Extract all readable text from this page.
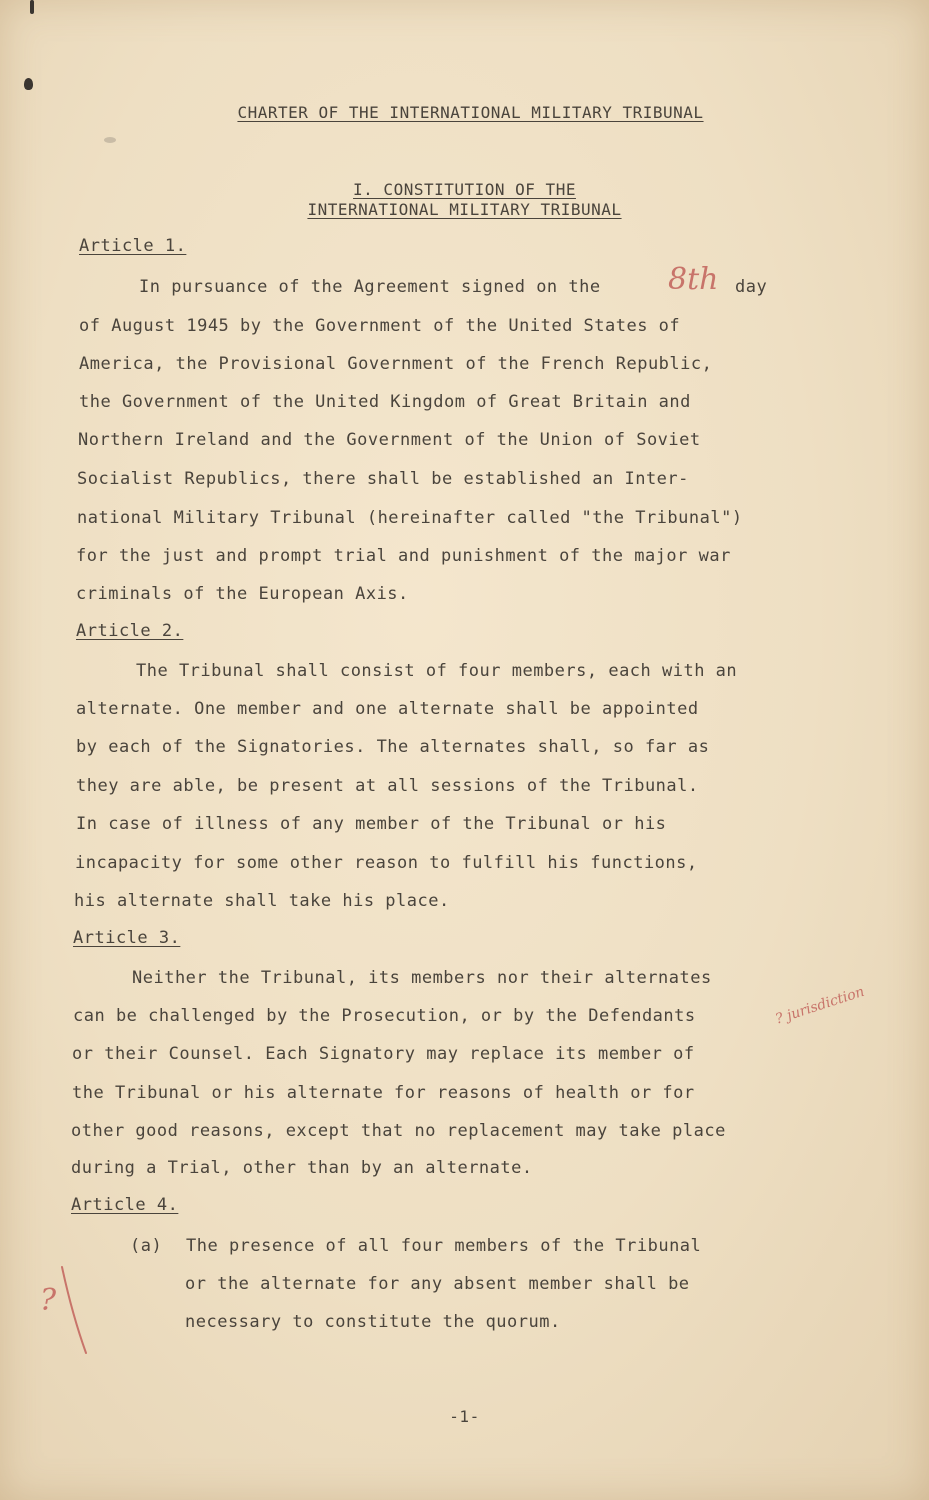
CHARTER OF THE INTERNATIONAL MILITARY TRIBUNAL
I. CONSTITUTION OF THE
INTERNATIONAL MILITARY TRIBUNAL
Article 1.
In pursuance of the Agreement signed on the 8th day
of August 1945 by the Government of the United States of
America, the Provisional Government of the French Republic,
the Government of the United Kingdom of Great Britain and
Northern Ireland and the Government of the Union of Soviet
Socialist Republics, there shall be established an Inter-
national Military Tribunal (hereinafter called "the Tribunal")
for the just and prompt trial and punishment of the major war
criminals of the European Axis.
Article 2.
The Tribunal shall consist of four members, each with an
alternate. One member and one alternate shall be appointed
by each of the Signatories. The alternates shall, so far as
they are able, be present at all sessions of the Tribunal.
In case of illness of any member of the Tribunal or his
incapacity for some other reason to fulfill his functions,
his alternate shall take his place.
Article 3.
Neither the Tribunal, its members nor their alternates
can be challenged by the Prosecution, or by the Defendants	? jurisdiction
or their Counsel. Each Signatory may replace its member of
the Tribunal or his alternate for reasons of health or for
other good reasons, except that no replacement may take place
during a Trial, other than by an alternate.
Article 4.
(a) The presence of all four members of the Tribunal
or the alternate for any absent member shall be
necessary to constitute the quorum.
?
-1-
